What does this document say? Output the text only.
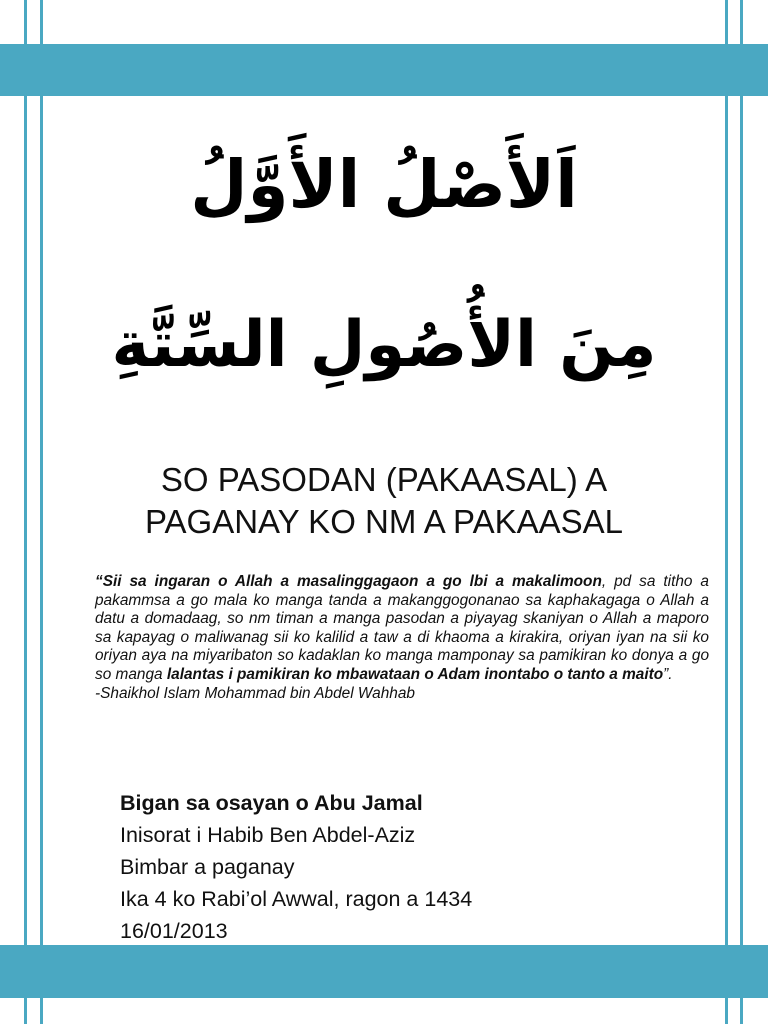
اَلأَصْلُ الأَوَّلُ
مِنَ الأُصُولِ السِّتَّةِ
SO PASODAN (PAKAASAL) A
PAGANAY KO NM A PAKAASAL
“Sii sa ingaran o Allah a masalinggagaon a go lbi a makalimoon, pd sa titho a pakammsa a go mala ko manga tanda a makanggogonanao sa kaphakagaga o Allah a datu a domadaag, so nm timan a manga pasodan a piyayag skaniyan o Allah a maporo sa kapayag o maliwanag sii ko kalilid a taw a di khaoma a kirakira, oriyan iyan na sii ko oriyan aya na miyaribaton so kadaklan ko manga mamponay sa pamikiran ko donya a go so manga lalantas i pamikiran ko mbawataan o Adam inontabo o tanto a maito”.
-Shaikhol Islam Mohammad bin Abdel Wahhab
Bigan sa osayan o Abu Jamal
Inisorat i Habib Ben Abdel-Aziz
Bimbar a paganay
Ika 4 ko Rabi’ol Awwal, ragon a 1434
16/01/2013
